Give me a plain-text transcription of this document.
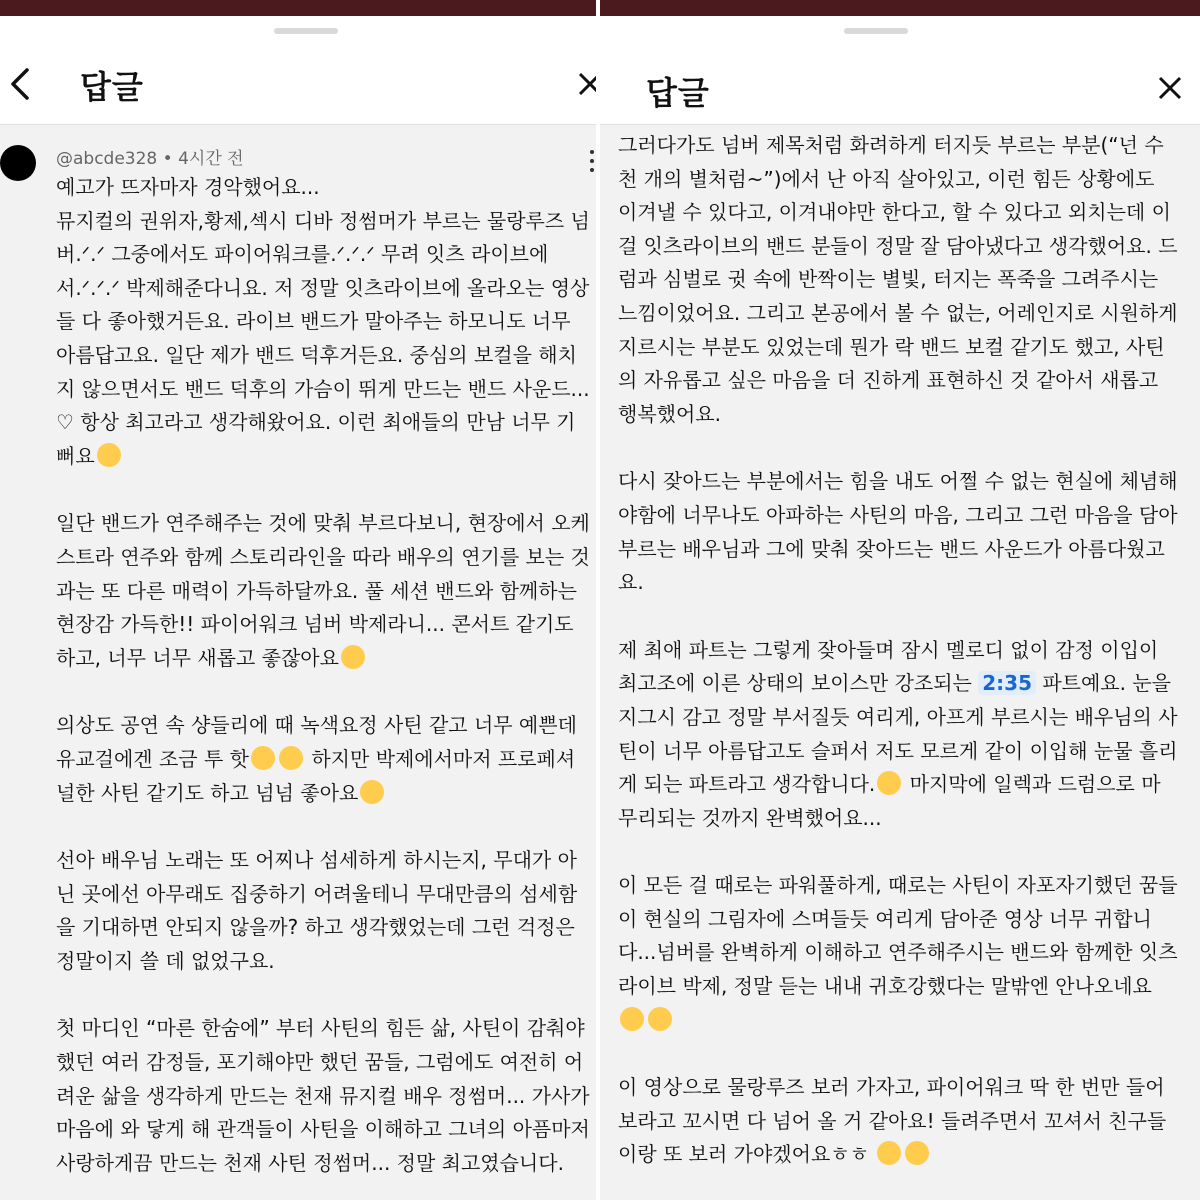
답글
@abcde328 • 4시간 전

예고가 뜨자마자 경악했어요...
뮤지컬의 권위자,황제,섹시 디바 정썸머가 부르는 물랑루즈 넘버.ᐟ.ᐟ 그중에서도 파이어워크를.ᐟ.ᐟ.ᐟ 무려 잇츠 라이브에 서.ᐟ.ᐟ.ᐟ 박제해준다니요. 저 정말 잇츠라이브에 올라오는 영상들 다 좋아했거든요. 라이브 밴드가 말아주는 하모니도 너무 아름답고요. 일단 제가 밴드 덕후거든요. 중심의 보컬을 해치지 않으면서도 밴드 덕후의 가슴이 뛰게 만드는 밴드 사운드... ♡ 항상 최고라고 생각해왔어요. 이런 최애들의 만남 너무 기뻐요

일단 밴드가 연주해주는 것에 맞춰 부르다보니, 현장에서 오케스트라 연주와 함께 스토리라인을 따라 배우의 연기를 보는 것과는 또 다른 매력이 가득하달까요. 풀 세션 밴드와 함께하는 현장감 가득한!! 파이어워크 넘버 박제라니... 콘서트 같기도 하고, 너무 너무 새롭고 좋잖아요

의상도 공연 속 샹들리에 때 녹색요정 사틴 같고 너무 예쁜데 유교걸에겐 조금 투 핫	하지만 박제에서마저 프로페셔널한 사틴 같기도 하고 넘넘 좋아요

선아 배우님 노래는 또 어찌나 섬세하게 하시는지, 무대가 아닌 곳에선 아무래도 집중하기 어려울테니 무대만큼의 섬세함을 기대하면 안되지 않을까? 하고 생각했었는데 그런 걱정은 정말이지 쓸 데 없었구요.

첫 마디인 “마른 한숨에” 부터 사틴의 힘든 삶, 사틴이 감춰야했던 여러 감정들, 포기해야만 했던 꿈들, 그럼에도 여전히 어려운 삶을 생각하게 만드는 천재 뮤지컬 배우 정썸머... 가사가 마음에 와 닿게 해 관객들이 사틴을 이해하고 그녀의 아픔마저 사랑하게끔 만드는 천재 사틴 정썸머... 정말 최고였습니다.

답글

그러다가도 넘버 제목처럼 화려하게 터지듯 부르는 부분(“넌 수천 개의 별처럼~”)에서 난 아직 살아있고, 이런 힘든 상황에도 이겨낼 수 있다고, 이겨내야만 한다고, 할 수 있다고 외치는데 이걸 잇츠라이브의 밴드 분들이 정말 잘 담아냈다고 생각했어요. 드럼과 심벌로 귓 속에 반짝이는 별빛, 터지는 폭죽을 그려주시는 느낌이었어요. 그리고 본공에서 볼 수 없는, 어레인지로 시원하게 지르시는 부분도 있었는데 뭔가 락 밴드 보컬 같기도 했고, 사틴의 자유롭고 싶은 마음을 더 진하게 표현하신 것 같아서 새롭고 행복했어요.

다시 잦아드는 부분에서는 힘을 내도 어쩔 수 없는 현실에 체념해야함에 너무나도 아파하는 사틴의 마음, 그리고 그런 마음을 담아 부르는 배우님과 그에 맞춰 잦아드는 밴드 사운드가 아름다웠고요.

제 최애 파트는 그렇게 잦아들며 잠시 멜로디 없이 감정 이입이 최고조에 이른 상태의 보이스만 강조되는 2:35 파트예요. 눈을 지그시 감고 정말 부서질듯 여리게, 아프게 부르시는 배우님의 사틴이 너무 아름답고도 슬퍼서 저도 모르게 같이 이입해 눈물 흘리게 되는 파트라고 생각합니다. 마지막에 일렉과 드럼으로 마무리되는 것까지 완벽했어요...

이 모든 걸 때로는 파워풀하게, 때로는 사틴이 자포자기했던 꿈들이 현실의 그림자에 스며들듯 여리게 담아준 영상 너무 귀합니다...넘버를 완벽하게 이해하고 연주해주시는 밴드와 함께한 잇츠라이브 박제, 정말 듣는 내내 귀호강했다는 말밖엔 안나오네요

이 영상으로 물랑루즈 보러 가자고, 파이어워크 딱 한 번만 들어보라고 꼬시면 다 넘어 올 거 같아요! 들려주면서 꼬셔서 친구들이랑 또 보러 가야겠어요ㅎㅎ
